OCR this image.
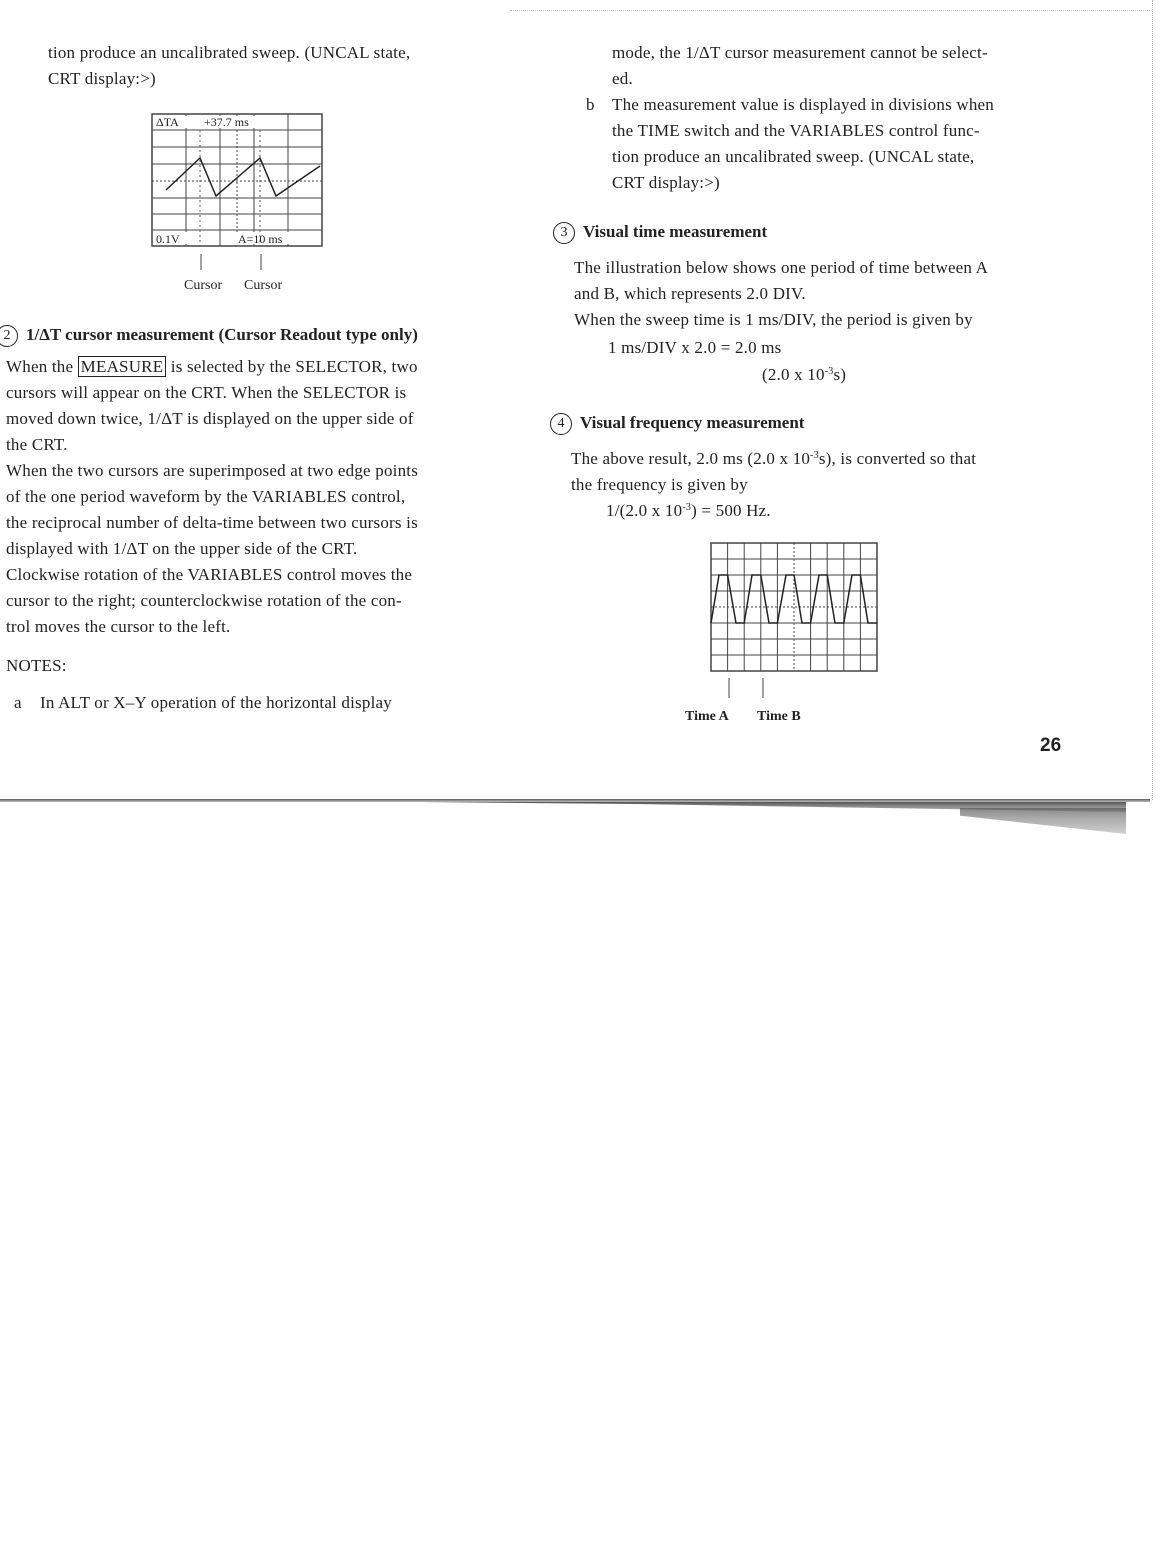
tion produce an uncalibrated sweep. (UNCAL state,
CRT display:>)
ΔTA +37.7 ms
0.1V	A=10 ms
Cursor Cursor
2 1/ΔT cursor measurement (Cursor Readout type only)
When the MEASURE is selected by the SELECTOR, two
cursors will appear on the CRT. When the SELECTOR is
moved down twice, 1/ΔT is displayed on the upper side of
the CRT.
When the two cursors are superimposed at two edge points
of the one period waveform by the VARIABLES control,
the reciprocal number of delta-time between two cursors is
displayed with 1/ΔT on the upper side of the CRT.
Clockwise rotation of the VARIABLES control moves the
cursor to the right; counterclockwise rotation of the con-
trol moves the cursor to the left.
NOTES:
a In ALT or X–Y operation of the horizontal display
mode, the 1/ΔT cursor measurement cannot be select-
ed.
b The measurement value is displayed in divisions when
the TIME switch and the VARIABLES control func-
tion produce an uncalibrated sweep. (UNCAL state,
CRT display:>)
3 Visual time measurement
The illustration below shows one period of time between A
and B, which represents 2.0 DIV.
When the sweep time is 1 ms/DIV, the period is given by
1 ms/DIV x 2.0 = 2.0 ms
(2.0 x $10^{-3}s$)
4 Visual frequency measurement
The above result, 2.0 ms (2.0 x $10^{-3}s$), is converted so that
the frequency is given by
1/(2.0 x $10^{-3}) = 500$ Hz.
Time A Time B
26
